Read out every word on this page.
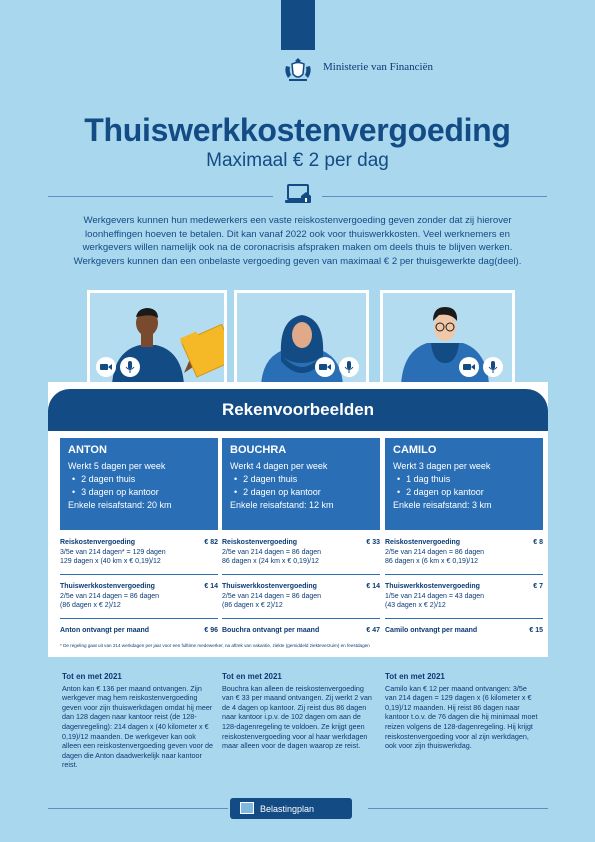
Ministerie van Financiën
Thuiswerkkostenvergoeding
Maximaal € 2 per dag
Werkgevers kunnen hun medewerkers een vaste reiskostenvergoeding geven zonder dat zij hierover loonheffingen hoeven te betalen. Dit kan vanaf 2022 ook voor thuiswerkkosten. Veel werknemers en werkgevers willen namelijk ook na de coronacrisis afspraken maken om deels thuis te blijven werken. Werkgevers kunnen dan een onbelaste vergoeding geven van maximaal € 2 per thuisgewerkte dag(deel).
Rekenvoorbeelden
ANTON
Werkt 5 dagen per week
• 2 dagen thuis
• 3 dagen op kantoor
Enkele reisafstand: 20 km
Reiskostenvergoeding	€ 82
3/5e van 214 dagen* = 129 dagen
129 dagen x (40 km x € 0,19)/12
Thuiswerkkostenvergoeding	€ 14
2/5e van 214 dagen = 86 dagen
(86 dagen x € 2)/12
Anton ontvangt per maand	€ 96
BOUCHRA
Werkt 4 dagen per week
• 2 dagen thuis
• 2 dagen op kantoor
Enkele reisafstand: 12 km
Reiskostenvergoeding	€ 33
2/5e van 214 dagen = 86 dagen
86 dagen x (24 km x € 0,19)/12
Thuiswerkkostenvergoeding	€ 14
2/5e van 214 dagen = 86 dagen
(86 dagen x € 2)/12
Bouchra ontvangt per maand	€ 47
CAMILO
Werkt 3 dagen per week
• 1 dag thuis
• 2 dagen op kantoor
Enkele reisafstand: 3 km
Reiskostenvergoeding	€ 8
2/5e van 214 dagen = 86 dagen
86 dagen x (6 km x € 0,19)/12
Thuiswerkkostenvergoeding	€ 7
1/5e van 214 dagen = 43 dagen
(43 dagen x € 2)/12
Camilo ontvangt per maand	€ 15
* De regeling gaat uit van 214 werkdagen per jaar voor een fulltime medewerker, na aftrek van vakantie, ziekte (gemiddeld ziekteverzuim) en feestdagen
Tot en met 2021
Anton kan € 136 per maand ontvangen. Zijn werkgever mag hem reiskostenvergoeding geven voor zijn thuiswerkdagen omdat hij meer dan 128 dagen naar kantoor reist (de 128-dagenregeling): 214 dagen x (40 kilometer x € 0,19)/12 maanden. De werkgever kan ook alleen een reiskostenvergoeding geven voor de dagen die Anton daadwerkelijk naar kantoor reist.
Tot en met 2021
Bouchra kan alleen de reiskostenvergoeding van € 33 per maand ontvangen. Zij werkt 2 van de 4 dagen op kantoor. Zij reist dus 86 dagen naar kantoor i.p.v. de 102 dagen om aan de 128-dagenregeling te voldoen. Ze krijgt geen reiskostenvergoeding voor al haar werkdagen maar alleen voor de dagen waarop ze reist.
Tot en met 2021
Camilo kan € 12 per maand ontvangen: 3/5e van 214 dagen = 129 dagen x (6 kilometer x € 0,19)/12 maanden. Hij reist 86 dagen naar kantoor t.o.v. de 76 dagen die hij minimaal moet reizen volgens de 128-dagenregeling. Hij krijgt reiskostenvergoeding voor al zijn werkdagen, ook voor zijn thuiswerkdag.
Belastingplan
